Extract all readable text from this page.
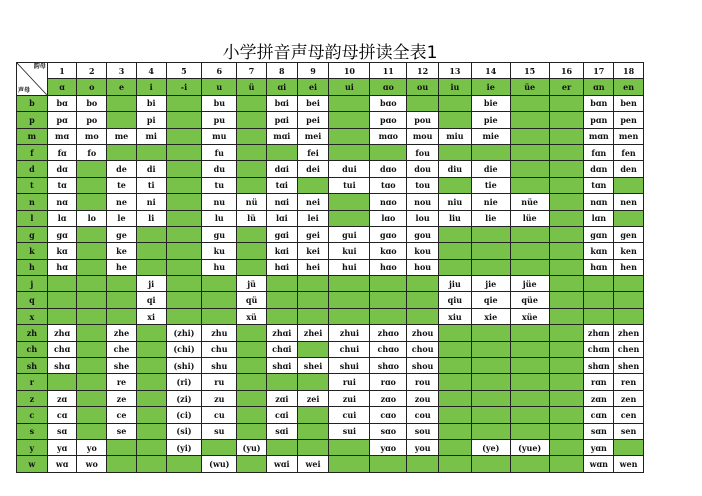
小学拼音声母韵母拼读全表1
韵母
声母	1	2	3	4	5	6	7	8	9	10	11	12	13	14	15	16	17	18
	ɑ	o	e	i	-i	u	ü	ɑi	ei	ui	ɑo	ou	iu	ie	üe	er	ɑn	en
b	bɑ	bo		bi		bu		bɑi	bei		bɑo			bie			bɑn	ben
p	pɑ	po		pi		pu		pɑi	pei		pɑo	pou		pie			pɑn	pen
m	mɑ	mo	me	mi		mu		mɑi	mei		mɑo	mou	miu	mie			mɑn	men
f	fɑ	fo				fu			fei			fou					fɑn	fen
d	dɑ		de	di		du		dɑi	dei	dui	dɑo	dou	diu	die			dɑn	den
t	tɑ		te	ti		tu		tɑi		tui	tɑo	tou		tie			tɑn	
n	nɑ		ne	ni		nu	nü	nɑi	nei		nɑo	nou	niu	nie	nüe		nɑn	nen
l	lɑ	lo	le	li		lu	lü	lɑi	lei		lɑo	lou	liu	lie	lüe		lɑn	
g	gɑ		ge			gu		gɑi	gei	gui	gɑo	gou					gɑn	gen
k	kɑ		ke			ku		kɑi	kei	kui	kɑo	kou					kɑn	ken
h	hɑ		he			hu		hɑi	hei	hui	hɑo	hou					hɑn	hen
j				ji			jü						jiu	jie	jüe			
q				qi			qü						qiu	qie	qüe			
x				xi			xü						xiu	xie	xüe			
zh	zhɑ		zhe		(zhi)	zhu		zhɑi	zhei	zhui	zhɑo	zhou					zhɑn	zhen
ch	chɑ		che		(chi)	chu		chɑi		chui	chɑo	chou					chɑn	chen
sh	shɑ		she		(shi)	shu		shɑi	shei	shui	shɑo	shou					shɑn	shen
r			re		(ri)	ru				rui	rɑo	rou					rɑn	ren
z	zɑ		ze		(zi)	zu		zɑi	zei	zui	zɑo	zou					zɑn	zen
c	cɑ		ce		(ci)	cu		cɑi		cui	cɑo	cou					cɑn	cen
s	sɑ		se		(si)	su		sɑi		sui	sɑo	sou					sɑn	sen
y	yɑ	yo			(yi)		(yu)				yɑo	you		(ye)	(yue)		yɑn	
w	wɑ	wo				(wu)		wɑi	wei								wɑn	wen
